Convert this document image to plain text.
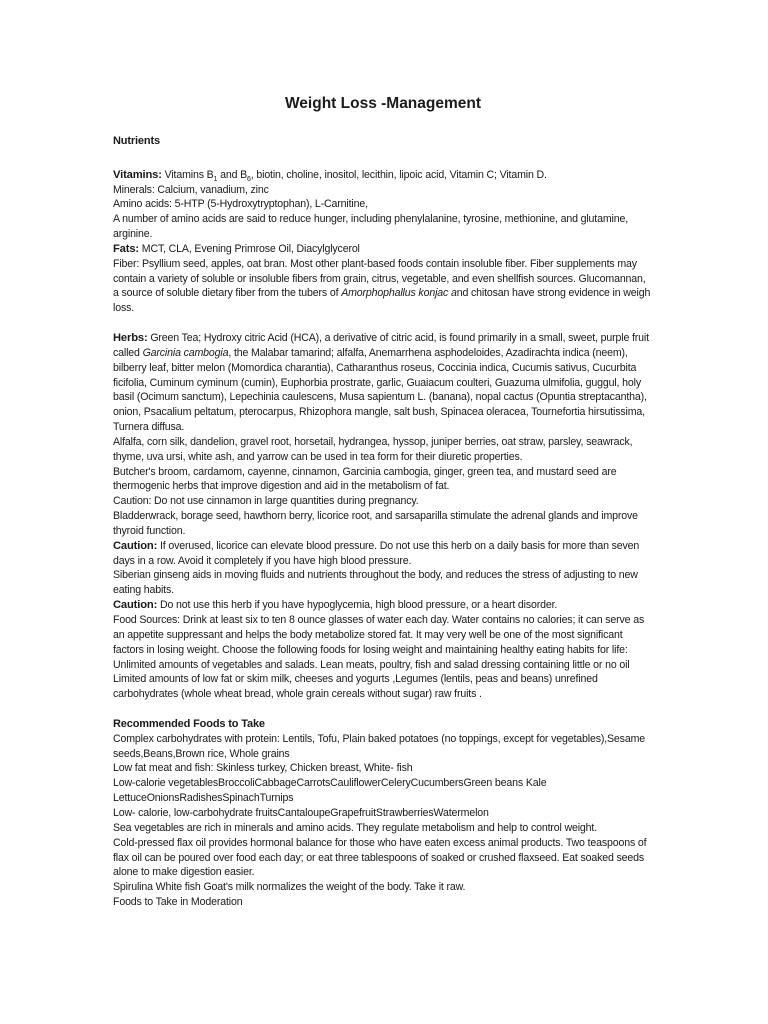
Weight Loss -Management
Nutrients

Vitamins: Vitamins $B_1$ and $B_6$, biotin, choline, inositol, lecithin, lipoic acid, Vitamin C; Vitamin D.

Minerals: Calcium, vanadium, zinc

Amino acids: 5-HTP (5-Hydroxytryptophan), L-Carnitine,

A number of amino acids are said to reduce hunger, including phenylalanine, tyrosine, methionine, and glutamine, arginine.

Fats: MCT, CLA, Evening Primrose Oil, Diacylglycerol

Fiber: Psyllium seed, apples, oat bran. Most other plant-based foods contain insoluble fiber. Fiber supplements may contain a variety of soluble or insoluble fibers from grain, citrus, vegetable, and even shellfish sources. Glucomannan, a source of soluble dietary fiber from the tubers of Amorphophallus konjac and chitosan have strong evidence in weigh loss.

Herbs: Green Tea; Hydroxy citric Acid (HCA), a derivative of citric acid, is found primarily in a small, sweet, purple fruit called Garcinia cambogia, the Malabar tamarind; alfalfa, Anemarrhena asphodeloides, Azadirachta indica (neem), bilberry leaf, bitter melon (Momordica charantia), Catharanthus roseus, Coccinia indica, Cucumis sativus, Cucurbita ficifolia, Cuminum cyminum (cumin), Euphorbia prostrate, garlic, Guaiacum coulteri, Guazuma ulmifolia, guggul, holy basil (Ocimum sanctum), Lepechinia caulescens, Musa sapientum L. (banana), nopal cactus (Opuntia streptacantha), onion, Psacalium peltatum, pterocarpus, Rhizophora mangle, salt bush, Spinacea oleracea, Tournefortia hirsutissima, Turnera diffusa.

Alfalfa, corn silk, dandelion, gravel root, horsetail, hydrangea, hyssop, juniper berries, oat straw, parsley, seawrack, thyme, uva ursi, white ash, and yarrow can be used in tea form for their diuretic properties.

Butcher's broom, cardamom, cayenne, cinnamon, Garcinia cambogia, ginger, green tea, and mustard seed are thermogenic herbs that improve digestion and aid in the metabolism of fat.

Caution: Do not use cinnamon in large quantities during pregnancy.

Bladderwrack, borage seed, hawthorn berry, licorice root, and sarsaparilla stimulate the adrenal glands and improve thyroid function.

Caution: If overused, licorice can elevate blood pressure. Do not use this herb on a daily basis for more than seven days in a row. Avoid it completely if you have high blood pressure.

Siberian ginseng aids in moving fluids and nutrients throughout the body, and reduces the stress of adjusting to new eating habits.

Caution: Do not use this herb if you have hypoglycemia, high blood pressure, or a heart disorder.

Food Sources: Drink at least six to ten 8 ounce glasses of water each day. Water contains no calories; it can serve as an appetite suppressant and helps the body metabolize stored fat. It may very well be one of the most significant factors in losing weight. Choose the following foods for losing weight and maintaining healthy eating habits for life:

Unlimited amounts of vegetables and salads. Lean meats, poultry, fish and salad dressing containing little or no oil

Limited amounts of low fat or skim milk, cheeses and yogurts ,Legumes (lentils, peas and beans) unrefined carbohydrates (whole wheat bread, whole grain cereals without sugar) raw fruits .

Recommended Foods to Take

Complex carbohydrates with protein: Lentils, Tofu, Plain baked potatoes (no toppings, except for vegetables),Sesame seeds,Beans,Brown rice, Whole grains

Low fat meat and fish: Skinless turkey, Chicken breast, White- fish

Low-calorie vegetablesBroccoliCabbageCarrotsCauliflowerCeleryCucumbersGreen beans Kale LettuceOnionsRadishesSpinachTurnips

Low- calorie, low-carbohydrate fruitsCantaloupeGrapefruitStrawberriesWatermelon

Sea vegetables are rich in minerals and amino acids. They regulate metabolism and help to control weight.

Cold-pressed flax oil provides hormonal balance for those who have eaten excess animal products. Two teaspoons of flax oil can be poured over food each day; or eat three tablespoons of soaked or crushed flaxseed. Eat soaked seeds alone to make digestion easier.

Spirulina White fish Goat's milk normalizes the weight of the body. Take it raw.

Foods to Take in Moderation
